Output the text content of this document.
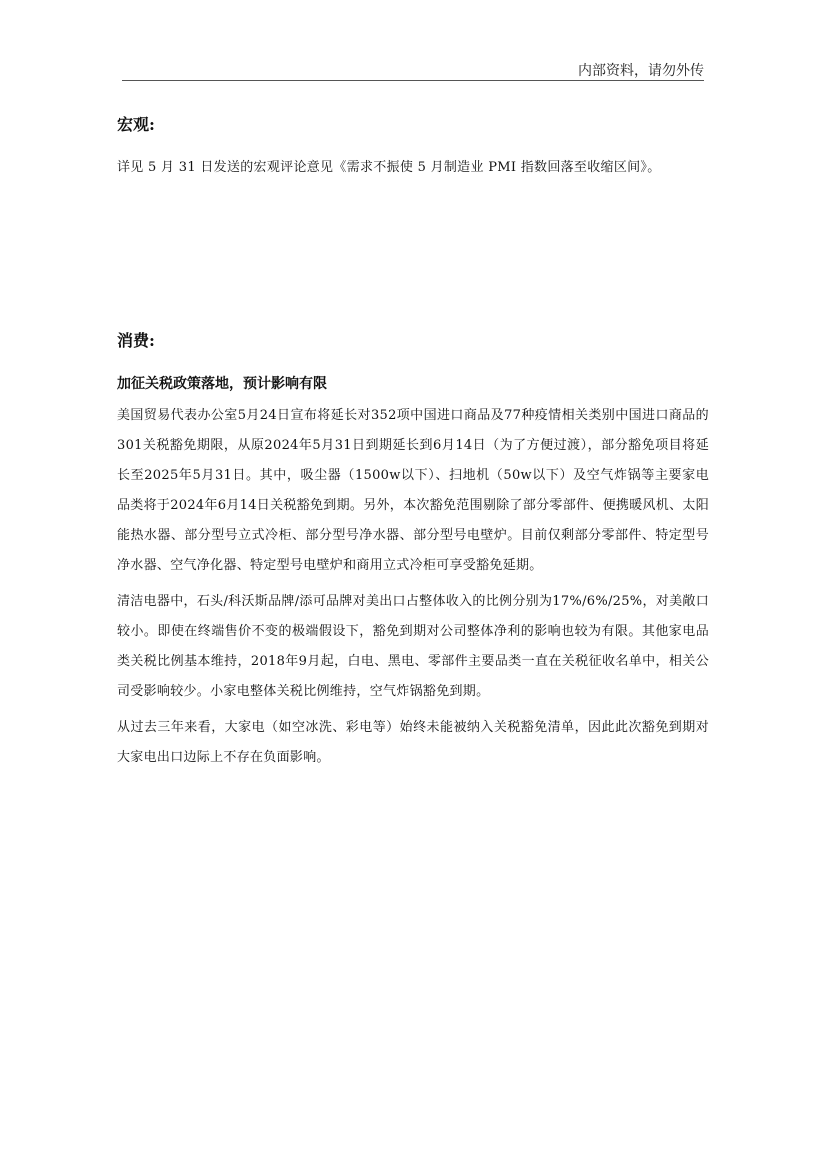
内部资料，请勿外传
宏观:

详见 5 月 31 日发送的宏观评论意见《需求不振使 5 月制造业 PMI 指数回落至收缩区间》。

消费:
加征关税政策落地，预计影响有限

美国贸易代表办公室5月24日宣布将延长对352项中国进口商品及77种疫情相关类别中国进口商品的301关税豁免期限，从原2024年5月31日到期延长到6月14日（为了方便过渡），部分豁免项目将延长至2025年5月31日。其中，吸尘器（1500w以下）、扫地机（50w以下）及空气炸锅等主要家电品类将于2024年6月14日关税豁免到期。另外，本次豁免范围剔除了部分零部件、便携暖风机、太阳能热水器、部分型号立式冷柜、部分型号净水器、部分型号电壁炉。目前仅剩部分零部件、特定型号净水器、空气净化器、特定型号电壁炉和商用立式冷柜可享受豁免延期。

清洁电器中，石头/科沃斯品牌/添可品牌对美出口占整体收入的比例分别为17%/6%/25%，对美敞口较小。即使在终端售价不变的极端假设下，豁免到期对公司整体净利的影响也较为有限。其他家电品类关税比例基本维持，2018年9月起，白电、黑电、零部件主要品类一直在关税征收名单中，相关公司受影响较少。小家电整体关税比例维持，空气炸锅豁免到期。

从过去三年来看，大家电（如空冰洗、彩电等）始终未能被纳入关税豁免清单，因此此次豁免到期对大家电出口边际上不存在负面影响。
